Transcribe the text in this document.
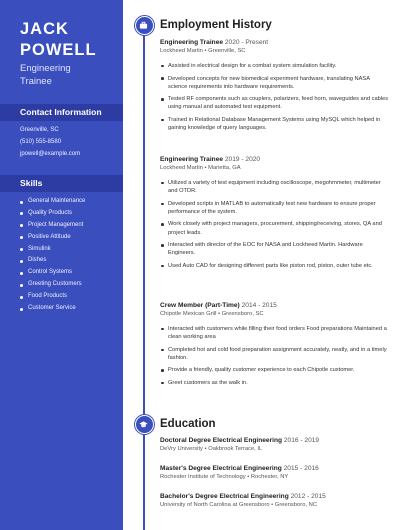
JACK
POWELL
Engineering
Trainee
Contact Information
Greenville, SC
(510) 555-8580
jpowell@example.com
Skills
General Maintenance
Quality Products
Project Management
Positive Attitude
Simulink
Dishes
Control Systems
Greeting Customers
Food Products
Customer Service
Employment History
Engineering Trainee 2020 - Present
Lockheed Martin • Greenville, SC
Assisted in electrical design for a combat system simulation facility.
Developed concepts for new biomedical experiment hardware, translating NASA science requirements into hardware requirements.
Tested RF components such as couplers, polarizers, feed horn, waveguides and cables using manual and automated test equipment.
Trained in Relational Database Management Systems using MySQL which helped in gaining knowledge of query languages.
Engineering Trainee 2019 - 2020
Lockheed Martin • Marietta, GA
Utilized a variety of test equipment including oscilloscope, megohmmeter, multimeter and OTDR.
Developed scripts in MATLAB to automatically test new hardware to ensure proper performance of the system.
Work closely with project managers, procurement, shipping/receiving, stores, QA and project leads.
Interacted with director of the EOC for NASA and Lockheed Martin. Hardware Engineers.
Used Auto CAD for designing different parts like piston rod, piston, outer tube etc.
Crew Member (Part-Time) 2014 - 2015
Chipotle Mexican Grill • Greensboro, SC
Interacted with customers while filling their food orders Food preparations Maintained a clean working area
Completed hot and cold food preparation assignment accurately, neatly, and in a timely fashion.
Provide a friendly, quality customer experience to each Chipotle customer.
Greet customers as the walk in.
Education
Doctoral Degree Electrical Engineering 2016 - 2019
DeVry University • Oakbrook Terrace, IL
Master's Degree Electrical Engineering 2015 - 2016
Rochester Institute of Technology • Rochester, NY
Bachelor's Degree Electrical Engineering 2012 - 2015
University of North Carolina at Greensboro • Greensboro, NC
